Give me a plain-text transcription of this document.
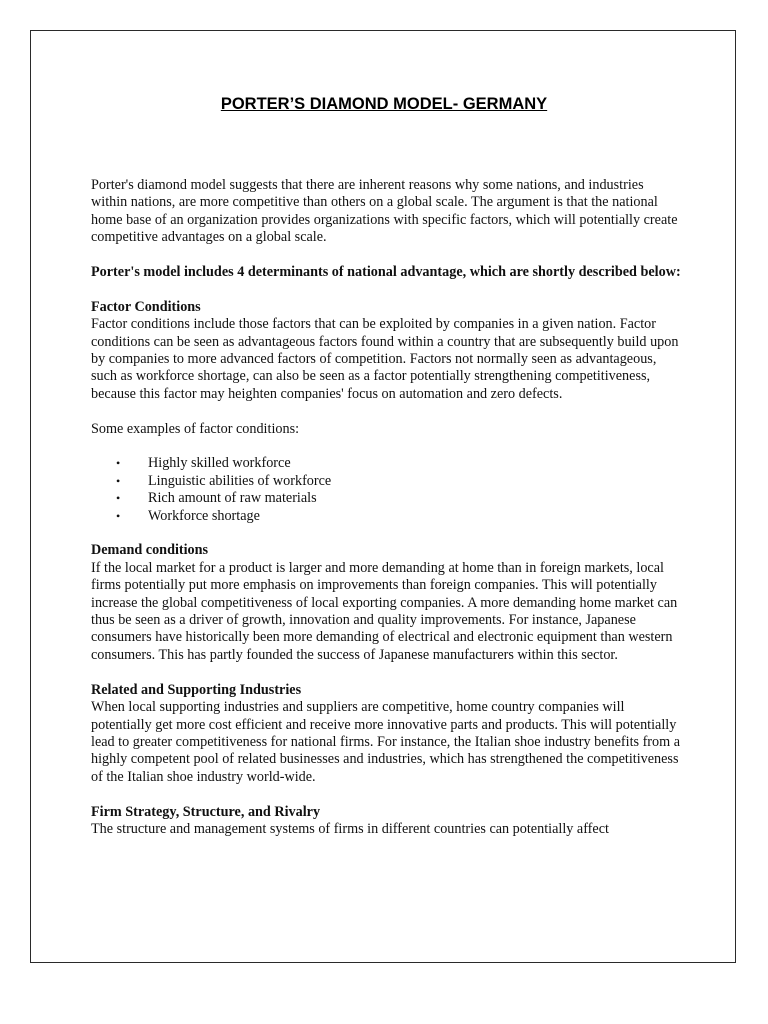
PORTER’S DIAMOND MODEL- GERMANY

Porter's diamond model suggests that there are inherent reasons why some nations, and industries within nations, are more competitive than others on a global scale. The argument is that the national home base of an organization provides organizations with specific factors, which will potentially create competitive advantages on a global scale.

Porter's model includes 4 determinants of national advantage, which are shortly described below:

Factor Conditions

Factor conditions include those factors that can be exploited by companies in a given nation. Factor conditions can be seen as advantageous factors found within a country that are subsequently build upon by companies to more advanced factors of competition. Factors not normally seen as advantageous, such as workforce shortage, can also be seen as a factor potentially strengthening competitiveness, because this factor may heighten companies' focus on automation and zero defects.

Some examples of factor conditions:

• Highly skilled workforce
• Linguistic abilities of workforce
• Rich amount of raw materials
• Workforce shortage

Demand conditions

If the local market for a product is larger and more demanding at home than in foreign markets, local firms potentially put more emphasis on improvements than foreign companies. This will potentially increase the global competitiveness of local exporting companies. A more demanding home market can thus be seen as a driver of growth, innovation and quality improvements. For instance, Japanese consumers have historically been more demanding of electrical and electronic equipment than western consumers. This has partly founded the success of Japanese manufacturers within this sector.

Related and Supporting Industries

When local supporting industries and suppliers are competitive, home country companies will potentially get more cost efficient and receive more innovative parts and products. This will potentially lead to greater competitiveness for national firms. For instance, the Italian shoe industry benefits from a highly competent pool of related businesses and industries, which has strengthened the competitiveness of the Italian shoe industry world-wide.

Firm Strategy, Structure, and Rivalry

The structure and management systems of firms in different countries can potentially affect
